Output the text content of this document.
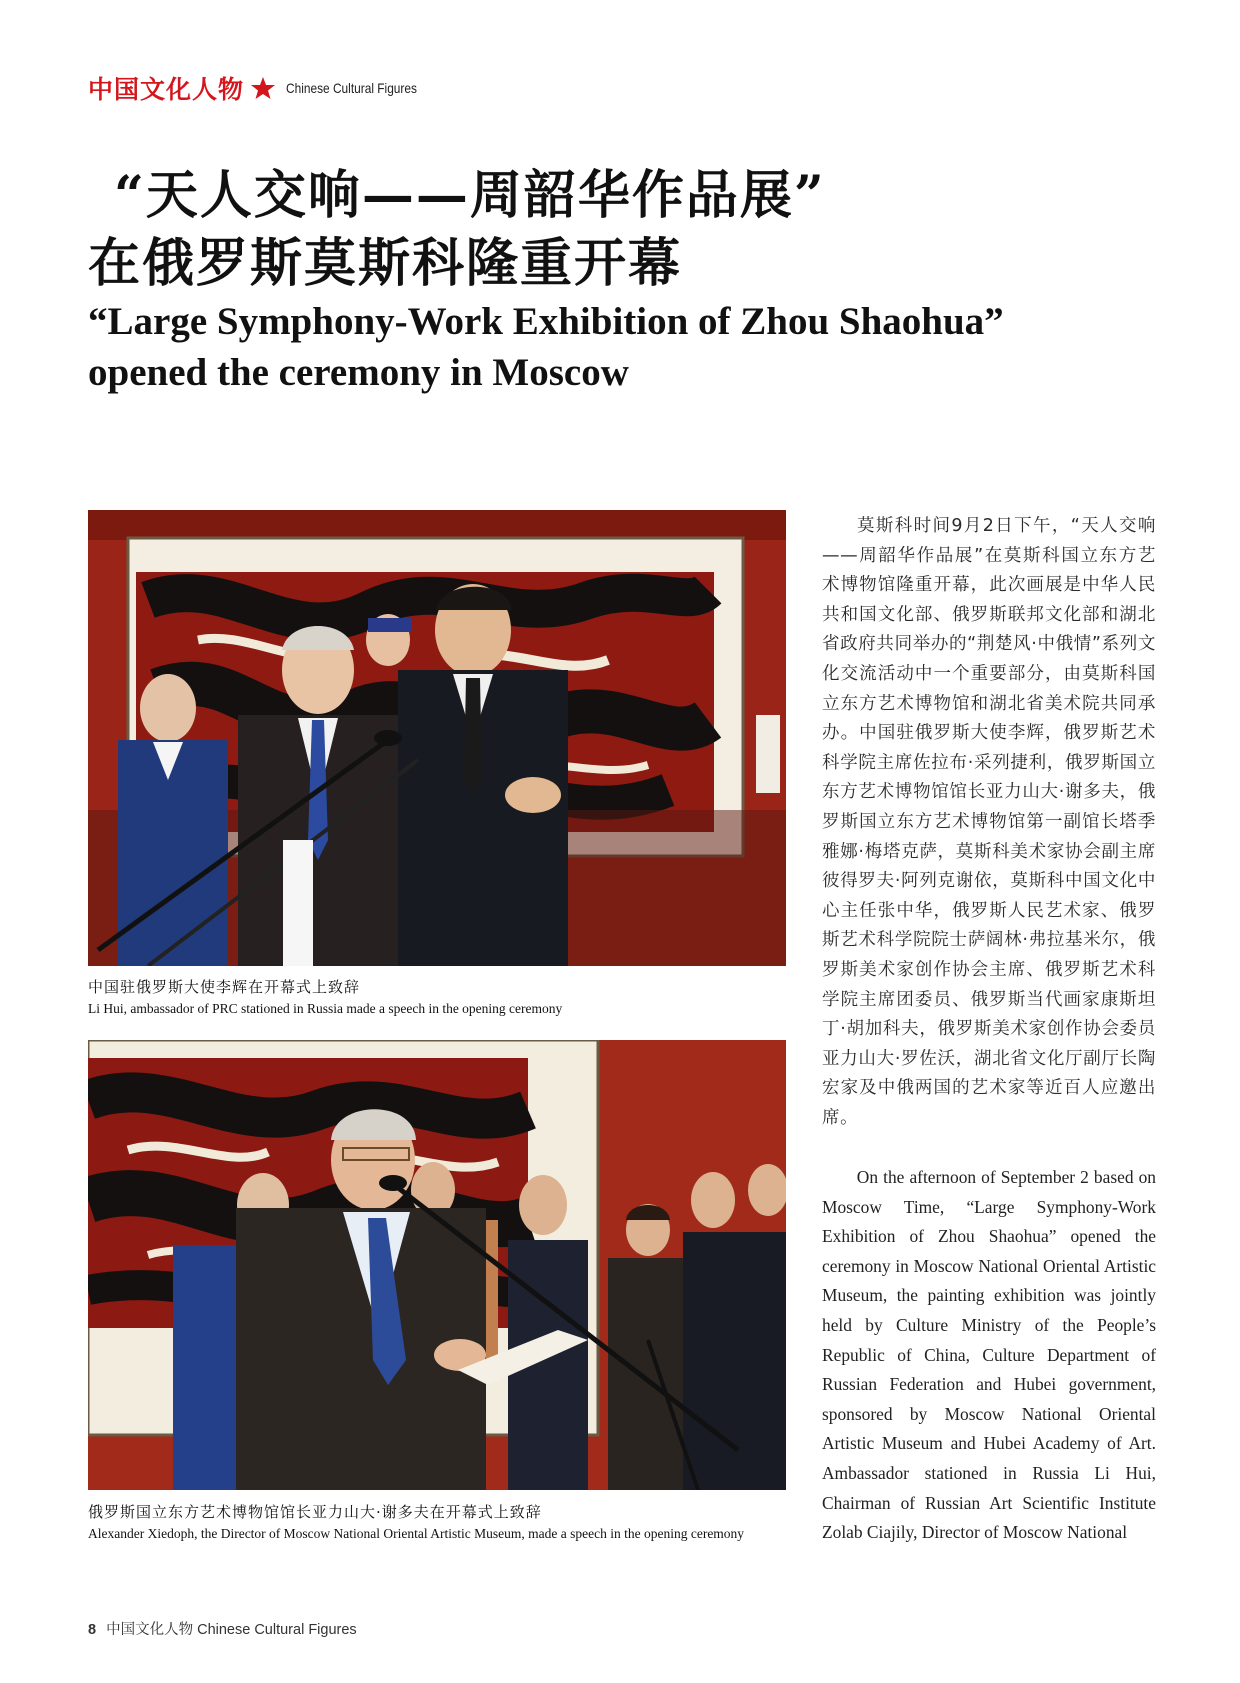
中国文化人物	Chinese Cultural Figures
“天人交响——周韶华作品展”
在俄罗斯莫斯科隆重开幕
“Large Symphony-Work Exhibition of Zhou Shaohua”
opened the ceremony in Moscow
中国驻俄罗斯大使李辉在开幕式上致辞
Li Hui, ambassador of PRC stationed in Russia made a speech in the opening ceremony
俄罗斯国立东方艺术博物馆馆长亚力山大·谢多夫在开幕式上致辞
Alexander Xiedoph, the Director of Moscow National Oriental Artistic Museum, made a speech in the opening ceremony

莫斯科时间9月2日下午，“天人交响——周韶华作品展”在莫斯科国立东方艺术博物馆隆重开幕，此次画展是中华人民共和国文化部、俄罗斯联邦文化部和湖北省政府共同举办的“荆楚风·中俄情”系列文化交流活动中一个重要部分，由莫斯科国立东方艺术博物馆和湖北省美术院共同承办。中国驻俄罗斯大使李辉，俄罗斯艺术科学院主席佐拉布·采列捷利，俄罗斯国立东方艺术博物馆馆长亚力山大·谢多夫，俄罗斯国立东方艺术博物馆第一副馆长塔季雅娜·梅塔克萨，莫斯科美术家协会副主席彼得罗夫·阿列克谢依，莫斯科中国文化中心主任张中华，俄罗斯人民艺术家、俄罗斯艺术科学院院士萨阔林·弗拉基米尔，俄罗斯美术家创作协会主席、俄罗斯艺术科学院主席团委员、俄罗斯当代画家康斯坦丁·胡加科夫，俄罗斯美术家创作协会委员亚力山大·罗佐沃，湖北省文化厅副厅长陶宏家及中俄两国的艺术家等近百人应邀出席。

On the afternoon of September 2 based on Moscow Time, “Large Symphony-Work Exhibition of Zhou Shaohua” opened the ceremony in Moscow National Oriental Artistic Museum, the painting exhibition was jointly held by Culture Ministry of the People’s Republic of China, Culture Department of Russian Federation and Hubei government, sponsored by Moscow National Oriental Artistic Museum and Hubei Academy of Art. Ambassador stationed in Russia Li Hui, Chairman of Russian Art Scientific Institute Zolab Ciajily, Director of Moscow National

8 中国文化人物 Chinese Cultural Figures
